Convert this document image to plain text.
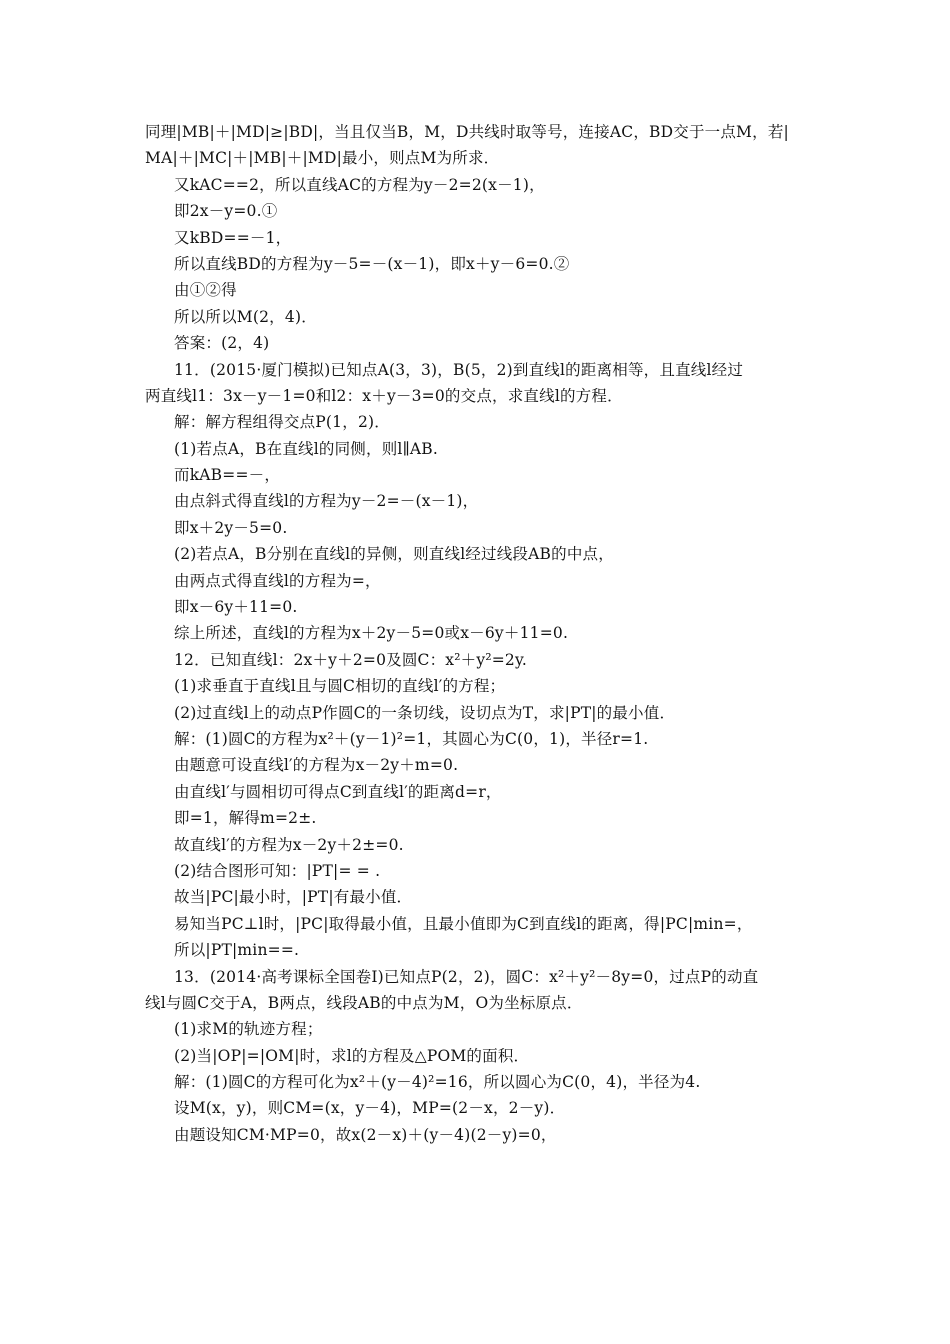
同理|MB|＋|MD|≥|BD|，当且仅当B，M，D共线时取等号，连接AC，BD交于一点M，若|
MA|＋|MC|＋|MB|＋|MD|最小，则点M为所求．
又kAC==2，所以直线AC的方程为y－2=2(x－1)，
即2x－y=0.①
又kBD==－1，
所以直线BD的方程为y－5=－(x－1)，即x＋y－6=0.②
由①②得
所以所以M(2，4)．
答案：(2，4)
11．(2015·厦门模拟)已知点A(3，3)，B(5，2)到直线l的距离相等，且直线l经过
两直线l1：3x－y－1=0和l2：x＋y－3=0的交点，求直线l的方程．
解：解方程组得交点P(1，2)．
(1)若点A，B在直线l的同侧，则l∥AB.
而kAB==－，
由点斜式得直线l的方程为y－2=－(x－1)，
即x＋2y－5=0.
(2)若点A，B分别在直线l的异侧，则直线l经过线段AB的中点，
由两点式得直线l的方程为=，
即x－6y＋11=0.
综上所述，直线l的方程为x＋2y－5=0或x－6y＋11=0.
12．已知直线l：2x＋y＋2=0及圆C：x²＋y²=2y.
(1)求垂直于直线l且与圆C相切的直线l′的方程；
(2)过直线l上的动点P作圆C的一条切线，设切点为T，求|PT|的最小值．
解：(1)圆C的方程为x²＋(y－1)²=1，其圆心为C(0，1)，半径r=1.
由题意可设直线l′的方程为x－2y＋m=0.
由直线l′与圆相切可得点C到直线l′的距离d=r，
即=1，解得m=2±.
故直线l′的方程为x－2y＋2±=0.
(2)结合图形可知：|PT|= = .
故当|PC|最小时，|PT|有最小值．
易知当PC⊥l时，|PC|取得最小值，且最小值即为C到直线l的距离，得|PC|min=，
所以|PT|min==.
13．(2014·高考课标全国卷Ⅰ)已知点P(2，2)，圆C：x²＋y²－8y=0，过点P的动直
线l与圆C交于A，B两点，线段AB的中点为M，O为坐标原点．
(1)求M的轨迹方程；
(2)当|OP|=|OM|时，求l的方程及△POM的面积．
解：(1)圆C的方程可化为x²＋(y－4)²=16，所以圆心为C(0，4)，半径为4.
设M(x，y)，则CM=(x，y－4)，MP=(2－x，2－y)．
由题设知CM·MP=0，故x(2－x)＋(y－4)(2－y)=0，
